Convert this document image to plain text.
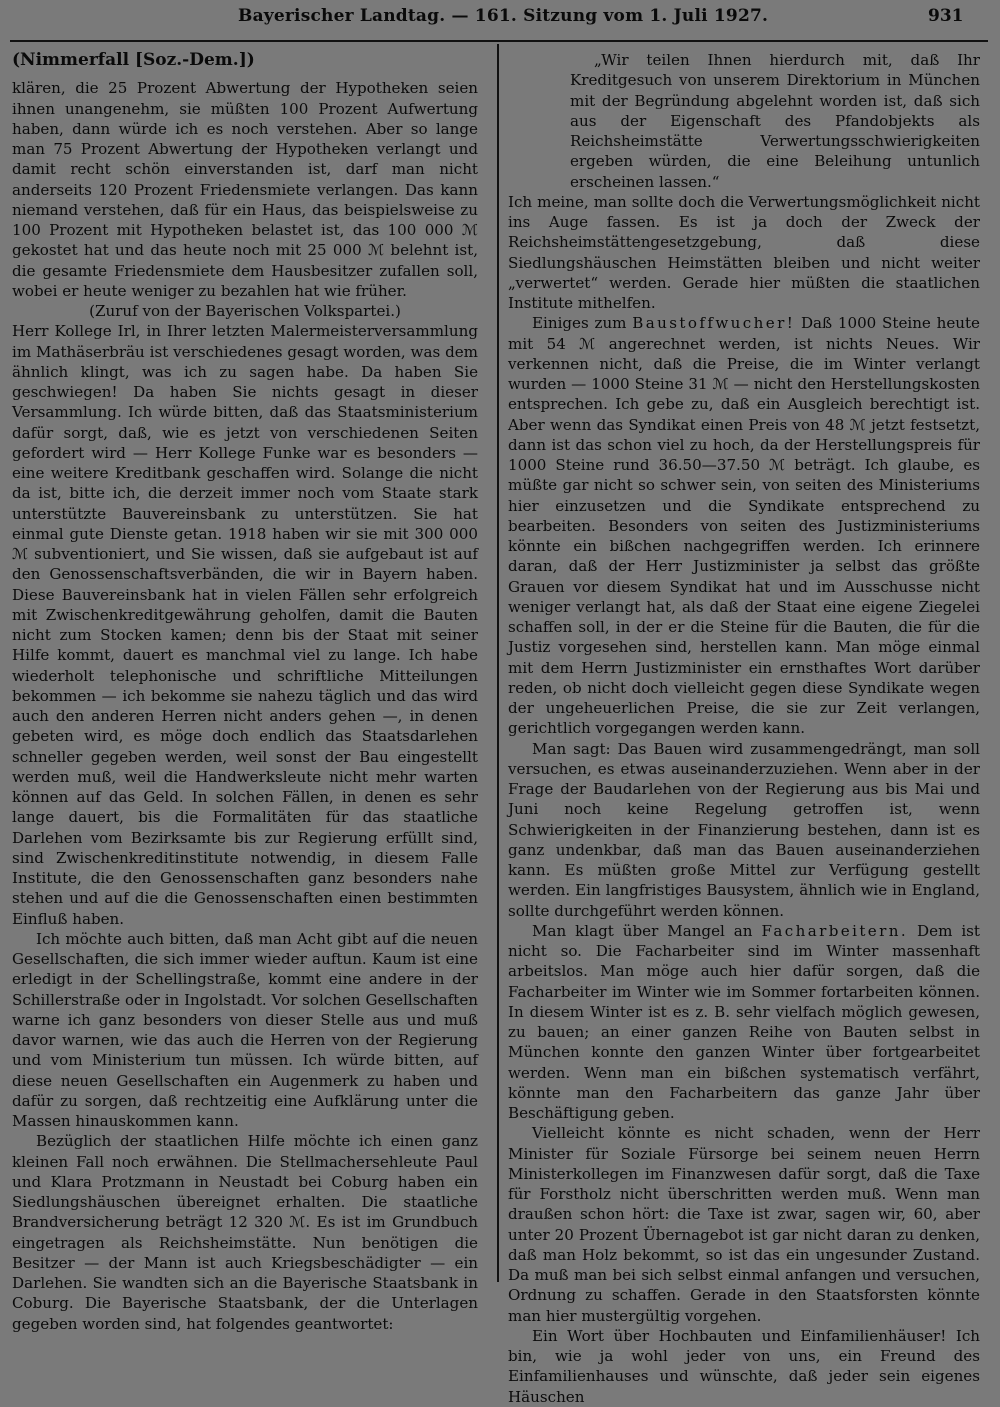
Bayerischer Landtag. — 161. Sitzung vom 1. Juli 1927.	931
(Nimmerfall [Soz.-Dem.])

klären, die 25 Prozent Abwertung der Hypotheken seien ihnen unangenehm, sie müßten 100 Prozent Aufwertung haben, dann würde ich es noch verstehen. Aber so lange man 75 Prozent Abwertung der Hypotheken verlangt und damit recht schön einverstanden ist, darf man nicht anderseits 120 Prozent Friedensmiete verlangen. Das kann niemand verstehen, daß für ein Haus, das beispielsweise zu 100 Prozent mit Hypotheken belastet ist, das 100 000 ℳ gekostet hat und das heute noch mit 25 000 ℳ belehnt ist, die gesamte Friedensmiete dem Hausbesitzer zufallen soll, wobei er heute weniger zu bezahlen hat wie früher.

(Zuruf von der Bayerischen Volkspartei.)

Herr Kollege Irl, in Ihrer letzten Malermeisterversammlung im Mathäserbräu ist verschiedenes gesagt worden, was dem ähnlich klingt, was ich zu sagen habe. Da haben Sie geschwiegen! Da haben Sie nichts gesagt in dieser Versammlung. Ich würde bitten, daß das Staatsministerium dafür sorgt, daß, wie es jetzt von verschiedenen Seiten gefordert wird — Herr Kollege Funke war es besonders — eine weitere Kreditbank geschaffen wird. Solange die nicht da ist, bitte ich, die derzeit immer noch vom Staate stark unterstützte Bauvereinsbank zu unterstützen. Sie hat einmal gute Dienste getan. 1918 haben wir sie mit 300 000 ℳ subventioniert, und Sie wissen, daß sie aufgebaut ist auf den Genossenschaftsverbänden, die wir in Bayern haben. Diese Bauvereinsbank hat in vielen Fällen sehr erfolgreich mit Zwischenkreditgewährung geholfen, damit die Bauten nicht zum Stocken kamen; denn bis der Staat mit seiner Hilfe kommt, dauert es manchmal viel zu lange. Ich habe wiederholt telephonische und schriftliche Mitteilungen bekommen — ich bekomme sie nahezu täglich und das wird auch den anderen Herren nicht anders gehen —, in denen gebeten wird, es möge doch endlich das Staatsdarlehen schneller gegeben werden, weil sonst der Bau eingestellt werden muß, weil die Handwerksleute nicht mehr warten können auf das Geld. In solchen Fällen, in denen es sehr lange dauert, bis die Formalitäten für das staatliche Darlehen vom Bezirksamte bis zur Regierung erfüllt sind, sind Zwischenkreditinstitute notwendig, in diesem Falle Institute, die den Genossenschaften ganz besonders nahe stehen und auf die die Genossenschaften einen bestimmten Einfluß haben.

Ich möchte auch bitten, daß man Acht gibt auf die neuen Gesellschaften, die sich immer wieder auftun. Kaum ist eine erledigt in der Schellingstraße, kommt eine andere in der Schillerstraße oder in Ingolstadt. Vor solchen Gesellschaften warne ich ganz besonders von dieser Stelle aus und muß davor warnen, wie das auch die Herren von der Regierung und vom Ministerium tun müssen. Ich würde bitten, auf diese neuen Gesellschaften ein Augenmerk zu haben und dafür zu sorgen, daß rechtzeitig eine Aufklärung unter die Massen hinauskommen kann.

Bezüglich der staatlichen Hilfe möchte ich einen ganz kleinen Fall noch erwähnen. Die Stellmachersehleute Paul und Klara Protzmann in Neustadt bei Coburg haben ein Siedlungshäuschen übereignet erhalten. Die staatliche Brandversicherung beträgt 12 320 ℳ. Es ist im Grundbuch eingetragen als Reichsheimstätte. Nun benötigen die Besitzer — der Mann ist auch Kriegsbeschädigter — ein Darlehen. Sie wandten sich an die Bayerische Staatsbank in Coburg. Die Bayerische Staatsbank, der die Unterlagen gegeben worden sind, hat folgendes geantwortet:

„Wir teilen Ihnen hierdurch mit, daß Ihr Kreditgesuch von unserem Direktorium in München mit der Begründung abgelehnt worden ist, daß sich aus der Eigenschaft des Pfandobjekts als Reichsheimstätte Verwertungsschwierigkeiten ergeben würden, die eine Beleihung untunlich erscheinen lassen.“

Ich meine, man sollte doch die Verwertungsmöglichkeit nicht ins Auge fassen. Es ist ja doch der Zweck der Reichsheimstättengesetzgebung, daß diese Siedlungshäuschen Heimstätten bleiben und nicht weiter „verwertet“ werden. Gerade hier müßten die staatlichen Institute mithelfen.

Einiges zum Baustoffwucher! Daß 1000 Steine heute mit 54 ℳ angerechnet werden, ist nichts Neues. Wir verkennen nicht, daß die Preise, die im Winter verlangt wurden — 1000 Steine 31 ℳ — nicht den Herstellungskosten entsprechen. Ich gebe zu, daß ein Ausgleich berechtigt ist. Aber wenn das Syndikat einen Preis von 48 ℳ jetzt festsetzt, dann ist das schon viel zu hoch, da der Herstellungspreis für 1000 Steine rund 36.50—37.50 ℳ beträgt. Ich glaube, es müßte gar nicht so schwer sein, von seiten des Ministeriums hier einzusetzen und die Syndikate entsprechend zu bearbeiten. Besonders von seiten des Justizministeriums könnte ein bißchen nachgegriffen werden. Ich erinnere daran, daß der Herr Justizminister ja selbst das größte Grauen vor diesem Syndikat hat und im Ausschusse nicht weniger verlangt hat, als daß der Staat eine eigene Ziegelei schaffen soll, in der er die Steine für die Bauten, die für die Justiz vorgesehen sind, herstellen kann. Man möge einmal mit dem Herrn Justizminister ein ernsthaftes Wort darüber reden, ob nicht doch vielleicht gegen diese Syndikate wegen der ungeheuerlichen Preise, die sie zur Zeit verlangen, gerichtlich vorgegangen werden kann.

Man sagt: Das Bauen wird zusammengedrängt, man soll versuchen, es etwas auseinanderzuziehen. Wenn aber in der Frage der Baudarlehen von der Regierung aus bis Mai und Juni noch keine Regelung getroffen ist, wenn Schwierigkeiten in der Finanzierung bestehen, dann ist es ganz undenkbar, daß man das Bauen auseinanderziehen kann. Es müßten große Mittel zur Verfügung gestellt werden. Ein langfristiges Bausystem, ähnlich wie in England, sollte durchgeführt werden können.

Man klagt über Mangel an Facharbeitern. Dem ist nicht so. Die Facharbeiter sind im Winter massenhaft arbeitslos. Man möge auch hier dafür sorgen, daß die Facharbeiter im Winter wie im Sommer fortarbeiten können. In diesem Winter ist es z. B. sehr vielfach möglich gewesen, zu bauen; an einer ganzen Reihe von Bauten selbst in München konnte den ganzen Winter über fortgearbeitet werden. Wenn man ein bißchen systematisch verfährt, könnte man den Facharbeitern das ganze Jahr über Beschäftigung geben.

Vielleicht könnte es nicht schaden, wenn der Herr Minister für Soziale Fürsorge bei seinem neuen Herrn Ministerkollegen im Finanzwesen dafür sorgt, daß die Taxe für Forstholz nicht überschritten werden muß. Wenn man draußen schon hört: die Taxe ist zwar, sagen wir, 60, aber unter 20 Prozent Übernagebot ist gar nicht daran zu denken, daß man Holz bekommt, so ist das ein ungesunder Zustand. Da muß man bei sich selbst einmal anfangen und versuchen, Ordnung zu schaffen. Gerade in den Staatsforsten könnte man hier mustergültig vorgehen.

Ein Wort über Hochbauten und Einfamilienhäuser! Ich bin, wie ja wohl jeder von uns, ein Freund des Einfamilienhauses und wünschte, daß jeder sein eigenes Häuschen
